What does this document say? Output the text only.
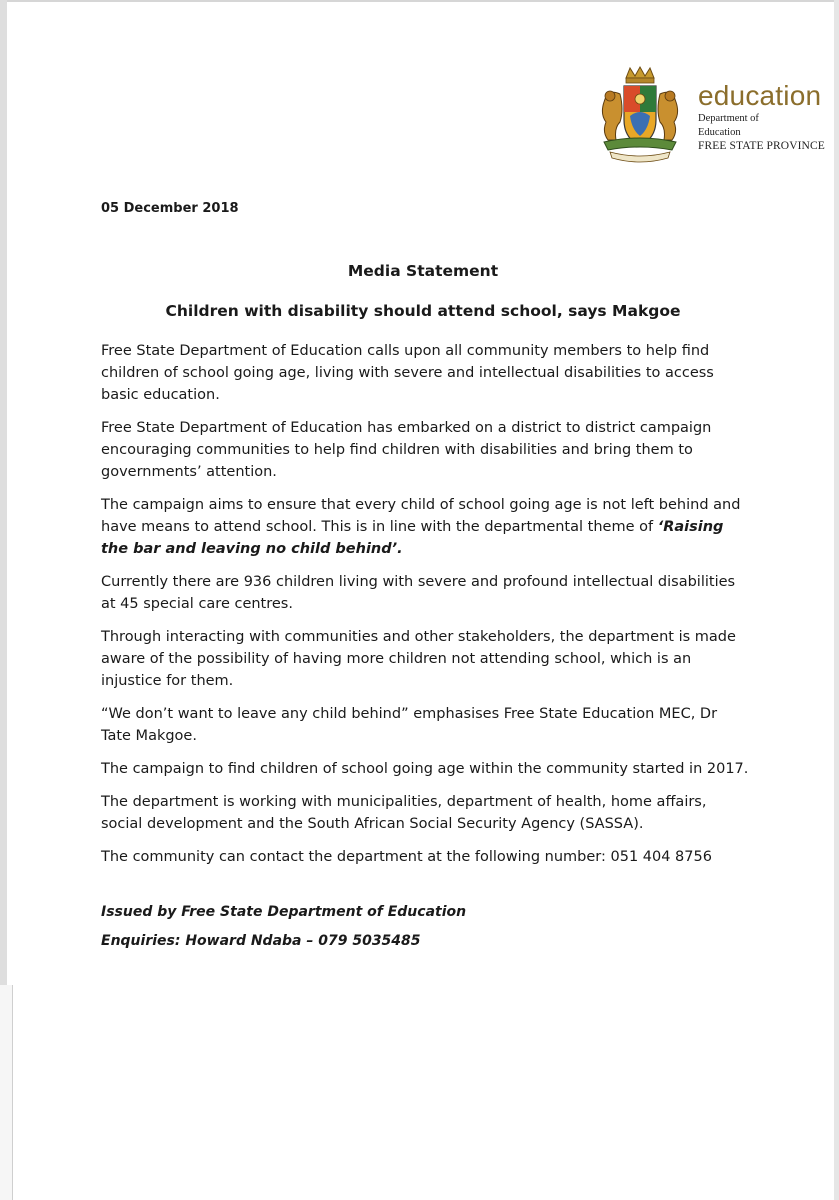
education
Department of
Education
FREE STATE PROVINCE
05 December 2018
Media Statement
Children with disability should attend school, says Makgoe

Free State Department of Education calls upon all community members to help find children of school going age, living with severe and intellectual disabilities to access basic education.

Free State Department of Education has embarked on a district to district campaign encouraging communities to help find children with disabilities and bring them to governments’ attention.

The campaign aims to ensure that every child of school going age is not left behind and have means to attend school. This is in line with the departmental theme of ‘Raising the bar and leaving no child behind’.

Currently there are 936 children living with severe and profound intellectual disabilities at 45 special care centres.

Through interacting with communities and other stakeholders, the department is made aware of the possibility of having more children not attending school, which is an injustice for them.

“We don’t want to leave any child behind” emphasises Free State Education MEC, Dr Tate Makgoe.

The campaign to find children of school going age within the community started in 2017.

The department is working with municipalities, department of health, home affairs, social development and the South African Social Security Agency (SASSA).

The community can contact the department at the following number: 051 404 8756

Issued by Free State Department of Education
Enquiries: Howard Ndaba – 079 5035485
